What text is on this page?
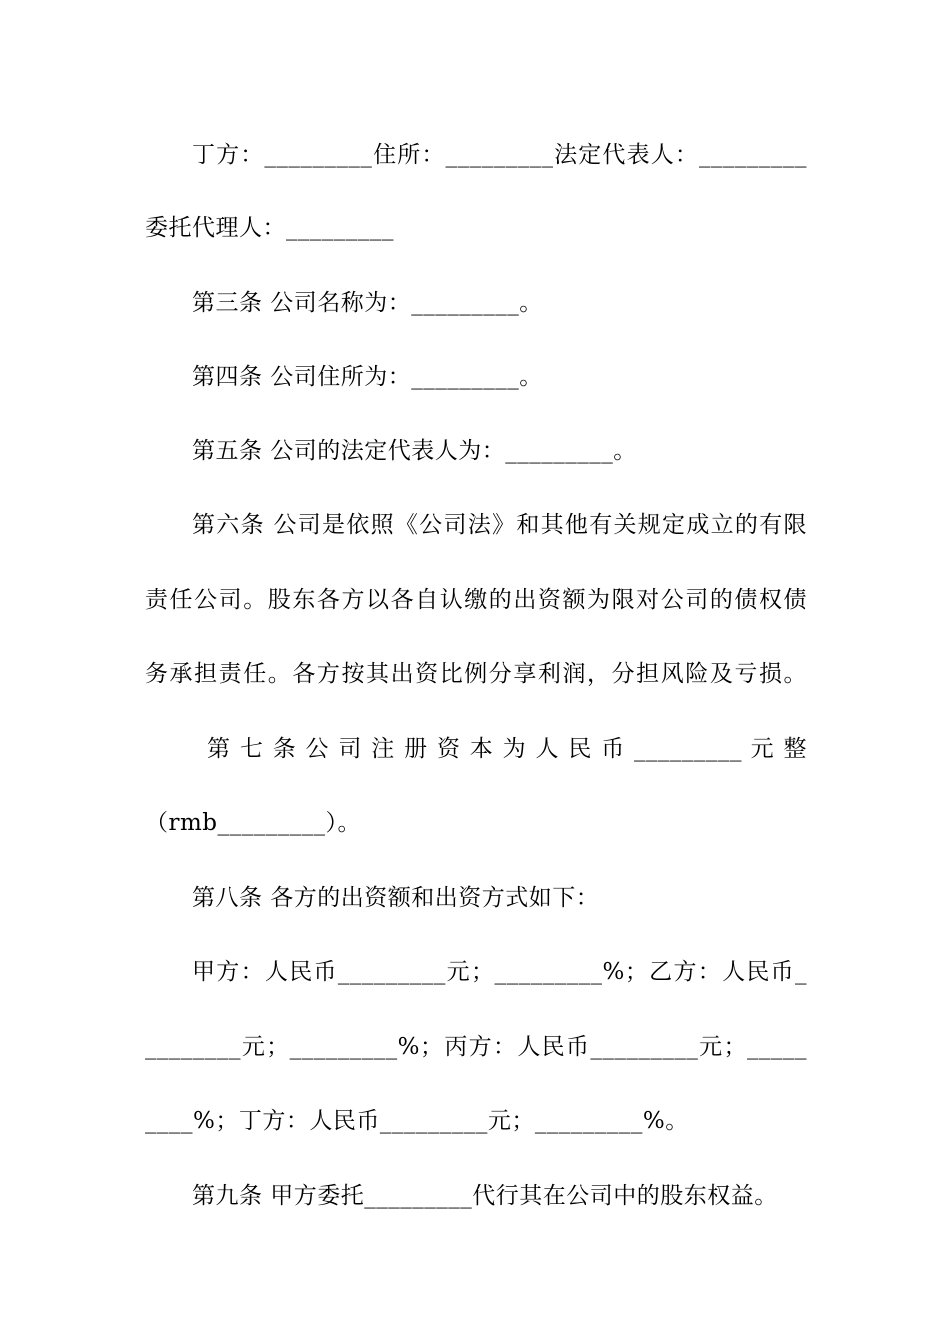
丁方：_________住所：_________法定代表人：_________
委托代理人：_________
第三条 公司名称为：_________。
第四条 公司住所为：_________。
第五条 公司的法定代表人为：_________。
第六条 公司是依照《公司法》和其他有关规定成立的有限
责任公司。股东各方以各自认缴的出资额为限对公司的债权债
务承担责任。各方按其出资比例分享利润，分担风险及亏损。
第 七 条 公 司 注 册 资 本 为 人 民 币 _________ 元 整
（rmb_________）。
第八条 各方的出资额和出资方式如下：
甲方：人民币_________元；_________%；乙方：人民币_
________元；_________%；丙方：人民币_________元；_____
____%；丁方：人民币_________元；_________%。
第九条 甲方委托_________代行其在公司中的股东权益。
